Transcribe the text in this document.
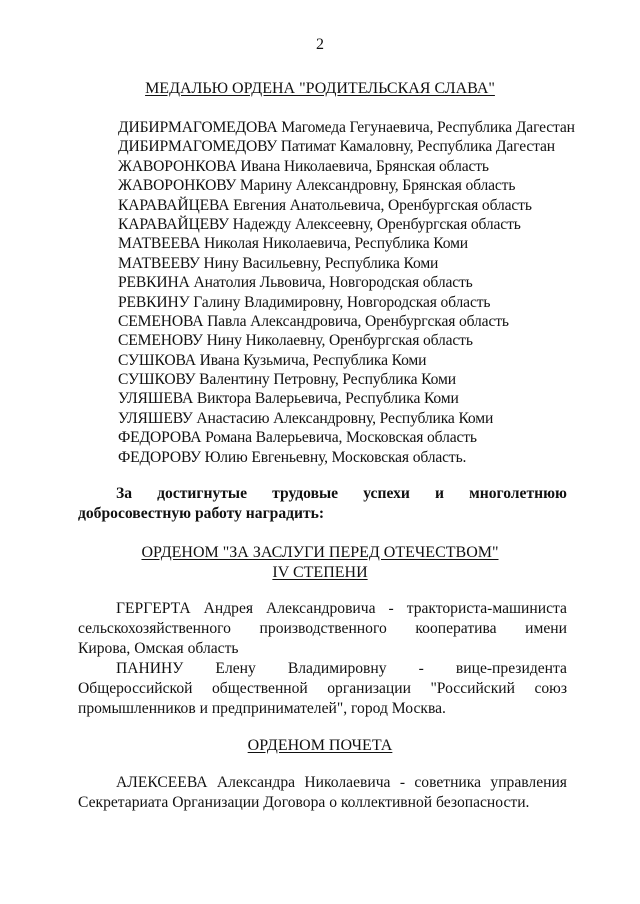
2
МЕДАЛЬЮ ОРДЕНА "РОДИТЕЛЬСКАЯ СЛАВА"
ДИБИРМАГОМЕДОВА Магомеда Гегунаевича, Республика Дагестан
ДИБИРМАГОМЕДОВУ Патимат Камаловну, Республика Дагестан
ЖАВОРОНКОВА Ивана Николаевича, Брянская область
ЖАВОРОНКОВУ Марину Александровну, Брянская область
КАРАВАЙЦЕВА Евгения Анатольевича, Оренбургская область
КАРАВАЙЦЕВУ Надежду Алексеевну, Оренбургская область
МАТВЕЕВА Николая Николаевича, Республика Коми
МАТВЕЕВУ Нину Васильевну, Республика Коми
РЕВКИНА Анатолия Львовича, Новгородская область
РЕВКИНУ Галину Владимировну, Новгородская область
СЕМЕНОВА Павла Александровича, Оренбургская область
СЕМЕНОВУ Нину Николаевну, Оренбургская область
СУШКОВА Ивана Кузьмича, Республика Коми
СУШКОВУ Валентину Петровну, Республика Коми
УЛЯШЕВА Виктора Валерьевича, Республика Коми
УЛЯШЕВУ Анастасию Александровну, Республика Коми
ФЕДОРОВА Романа Валерьевича, Московская область
ФЕДОРОВУ Юлию Евгеньевну, Московская область.
За достигнутые трудовые успехи и многолетнюю
добросовестную работу наградить:
ОРДЕНОМ "ЗА ЗАСЛУГИ ПЕРЕД ОТЕЧЕСТВОМ"
IV СТЕПЕНИ
ГЕРГЕРТА Андрея Александровича - тракториста-машиниста
сельскохозяйственного производственного кооператива имени
Кирова, Омская область
ПАНИНУ Елену Владимировну - вице-президента
Общероссийской общественной организации "Российский союз
промышленников и предпринимателей", город Москва.
ОРДЕНОМ ПОЧЕТА
АЛЕКСЕЕВА Александра Николаевича - советника управления
Секретариата Организации Договора о коллективной безопасности.
